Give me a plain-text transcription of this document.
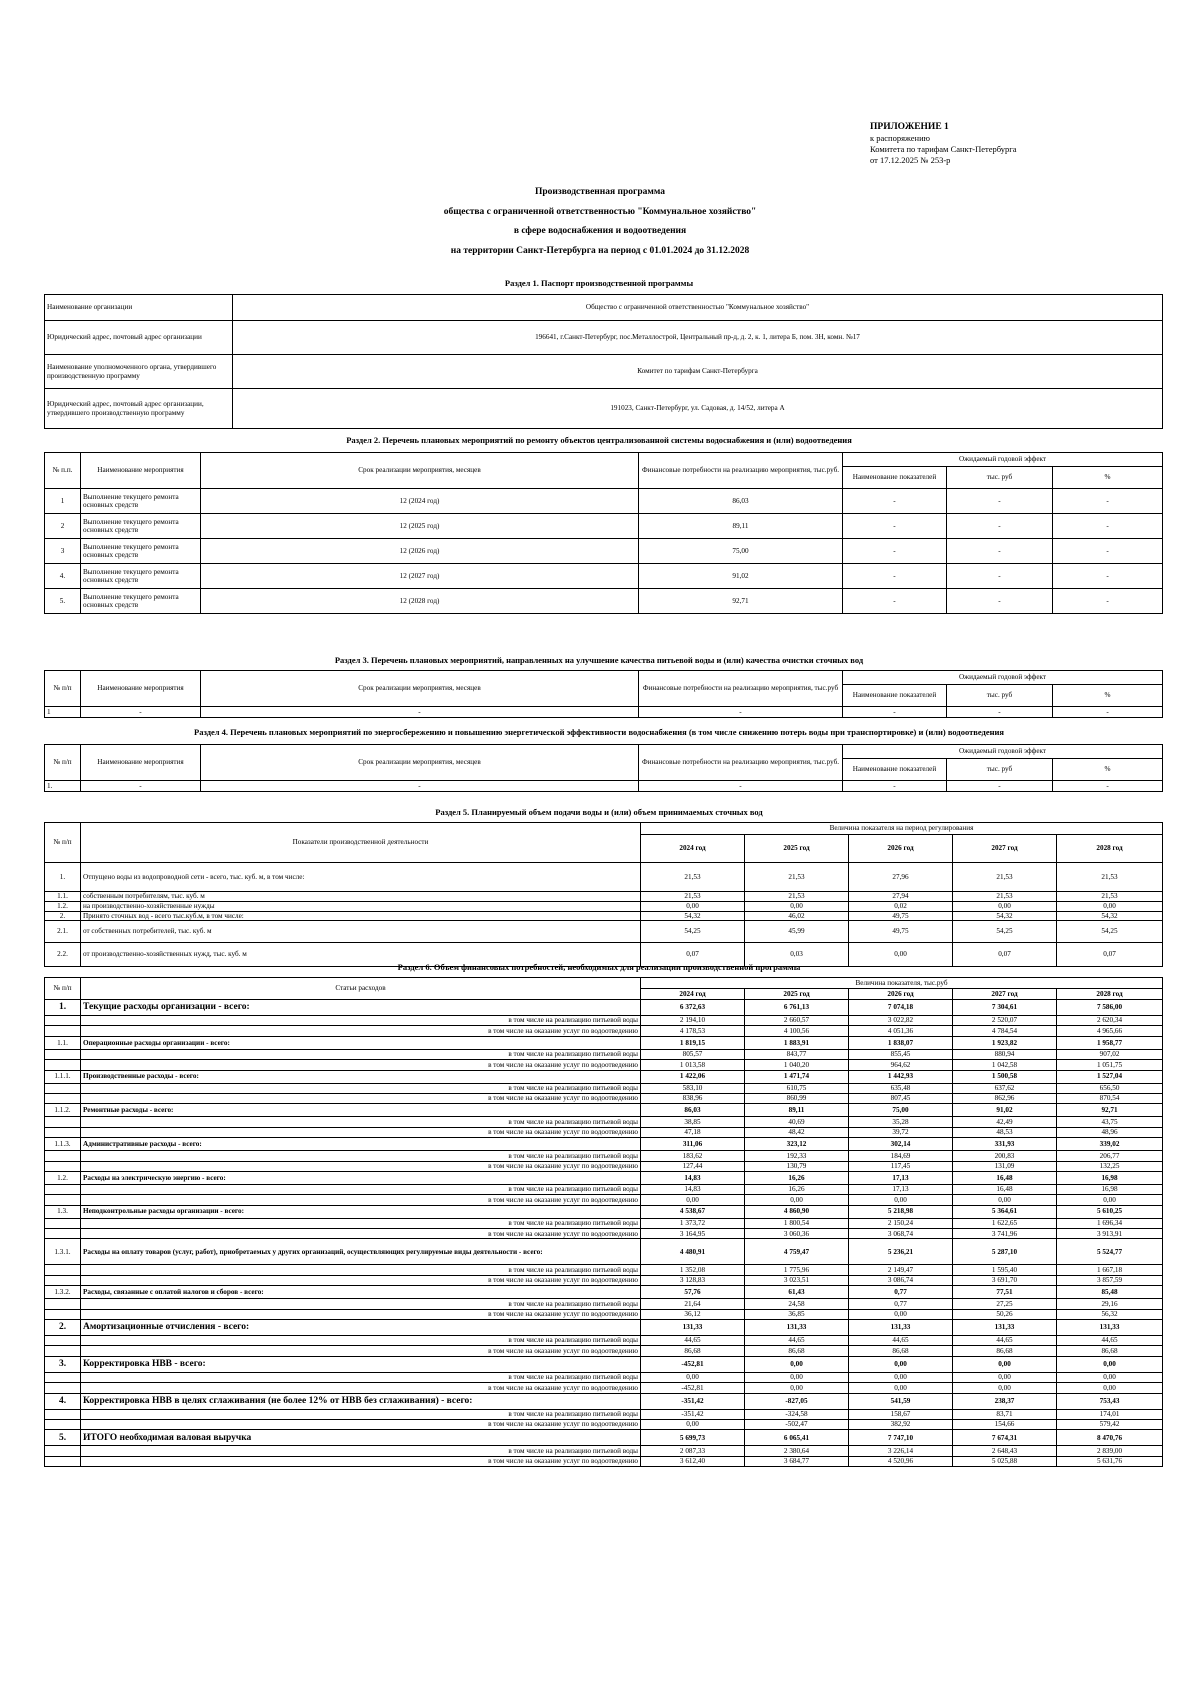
ПРИЛОЖЕНИЕ 1
к распоряжению
Комитета по тарифам Санкт-Петербурга
от 17.12.2025 № 253-р
Производственная программа
общества с ограниченной ответственностью "Коммунальное хозяйство"
в сфере водоснабжения и водоотведения
на территории Санкт-Петербурга на период с 01.01.2024 до 31.12.2028
Раздел 1. Паспорт производственной программы
Наименование организации	Общество с ограниченной ответственностью "Коммунальное хозяйство"
Юридический адрес, почтовый адрес организации	196641, г.Санкт-Петербург, пос.Металлострой, Центральный пр-д, д. 2, к. 1, литера Б, пом. 3Н, комн. №17
Наименование уполномоченного органа, утвердившего производственную программу	Комитет по тарифам Санкт-Петербурга
Юридический адрес, почтовый адрес организации, утвердившего производственную программу	191023, Санкт-Петербург, ул. Садовая, д. 14/52, литера А
Раздел 2. Перечень плановых мероприятий по ремонту объектов централизованной системы водоснабжения и (или) водоотведения
№ п.п.	Наименование мероприятия	Срок реализации мероприятия, месяцев	Финансовые потребности на реализацию мероприятия, тыс.руб.	Ожидаемый годовой эффект		
				Наименование показателей	тыс. руб	%
1	Выполнение текущего ремонта основных средств	12 (2024 год)	86,03	-	-	-
2	Выполнение текущего ремонта основных средств	12 (2025 год)	89,11	-	-	-
3	Выполнение текущего ремонта основных средств	12 (2026 год)	75,00	-	-	-
4.	Выполнение текущего ремонта основных средств	12 (2027 год)	91,02	-	-	-
5.	Выполнение текущего ремонта основных средств	12 (2028 год)	92,71	-	-	-
Раздел 3. Перечень плановых мероприятий, направленных на улучшение качества питьевой воды и (или) качества очистки сточных вод
№ п/п	Наименование мероприятия	Срок реализации мероприятия, месяцев	Финансовые потребности на реализацию мероприятия, тыс.руб	Ожидаемый годовой эффект		
				Наименование показателей	тыс. руб	%
1	-	-	-	-	-	-
Раздел 4. Перечень плановых мероприятий по энергосбережению и повышению энергетической эффективности водоснабжения (в том числе снижению потерь воды при транспортировке) и (или) водоотведения
№ п/п	Наименование мероприятия	Срок реализации мероприятия, месяцев	Финансовые потребности на реализацию мероприятия, тыс.руб.	Ожидаемый годовой эффект		
				Наименование показателей	тыс. руб	%
1.	-	-	-	-	-	-
Раздел 5. Планируемый объем подачи воды и (или) объем принимаемых сточных вод
№ п/п	Показатели производственной деятельности	Величина показателя на период регулирования				
		2024 год	2025 год	2026 год	2027 год	2028 год
1.	Отпущено воды из водопроводной сети - всего, тыс. куб. м, в том числе:	21,53	21,53	27,96	21,53	21,53
1.1.	собственным потребителям, тыс. куб. м	21,53	21,53	27,94	21,53	21,53
1.2.	на производственно-хозяйственные нужды	0,00	0,00	0,02	0,00	0,00
2.	Принято сточных вод - всего тыс.куб.м, в том числе:	54,32	46,02	49,75	54,32	54,32
2.1.	от собственных потребителей, тыс. куб. м	54,25	45,99	49,75	54,25	54,25
2.2.	от производственно-хозяйственных нужд, тыс. куб. м	0,07	0,03	0,00	0,07	0,07
Раздел 6. Объем финансовых потребностей, необходимых для реализации производственной программы
№ п/п	Статьи расходов	Величина показателя, тыс.руб				
		2024 год	2025 год	2026 год	2027 год	2028 год
1.	Текущие расходы организации - всего:	6 372,63	6 761,13	7 074,18	7 304,61	7 586,00
	в том числе на реализацию питьевой воды	2 194,10	2 660,57	3 022,82	2 520,07	2 620,34
	в том числе на оказание услуг по водоотведению	4 178,53	4 100,56	4 051,36	4 784,54	4 965,66
1.1.	Операционные расходы организации - всего:	1 819,15	1 883,91	1 838,07	1 923,82	1 958,77
	в том числе на реализацию питьевой воды	805,57	843,77	855,45	880,94	907,02
	в том числе на оказание услуг по водоотведению	1 013,58	1 040,20	964,62	1 042,58	1 051,75
1.1.1.	Производственные расходы - всего:	1 422,06	1 471,74	1 442,93	1 500,58	1 527,04
	в том числе на реализацию питьевой воды	583,10	610,75	635,48	637,62	656,50
	в том числе на оказание услуг по водоотведению	838,96	860,99	807,45	862,96	870,54
1.1.2.	Ремонтные расходы - всего:	86,03	89,11	75,00	91,02	92,71
	в том числе на реализацию питьевой воды	38,85	40,69	35,28	42,49	43,75
	в том числе на оказание услуг по водоотведению	47,18	48,42	39,72	48,53	48,96
1.1.3.	Административные расходы - всего:	311,06	323,12	302,14	331,93	339,02
	в том числе на реализацию питьевой воды	183,62	192,33	184,69	200,83	206,77
	в том числе на оказание услуг по водоотведению	127,44	130,79	117,45	131,09	132,25
1.2.	Расходы на электрическую энергию - всего:	14,83	16,26	17,13	16,48	16,98
	в том числе на реализацию питьевой воды	14,83	16,26	17,13	16,48	16,98
	в том числе на оказание услуг по водоотведению	0,00	0,00	0,00	0,00	0,00
1.3.	Неподконтрольные расходы организации - всего:	4 538,67	4 860,90	5 218,98	5 364,61	5 610,25
	в том числе на реализацию питьевой воды	1 373,72	1 800,54	2 150,24	1 622,65	1 696,34
	в том числе на оказание услуг по водоотведению	3 164,95	3 060,36	3 068,74	3 741,96	3 913,91
1.3.1.	Расходы на оплату товаров (услуг, работ), приобретаемых у других организаций, осуществляющих регулируемые виды деятельности - всего:	4 480,91	4 759,47	5 236,21	5 287,10	5 524,77
	в том числе на реализацию питьевой воды	1 352,08	1 775,96	2 149,47	1 595,40	1 667,18
	в том числе на оказание услуг по водоотведению	3 128,83	3 023,51	3 086,74	3 691,70	3 857,59
1.3.2.	Расходы, связанные с оплатой налогов и сборов - всего:	57,76	61,43	0,77	77,51	85,48
	в том числе на реализацию питьевой воды	21,64	24,58	0,77	27,25	29,16
	в том числе на оказание услуг по водоотведению	36,12	36,85	0,00	50,26	56,32
2.	Амортизационные отчисления - всего:	131,33	131,33	131,33	131,33	131,33
	в том числе на реализацию питьевой воды	44,65	44,65	44,65	44,65	44,65
	в том числе на оказание услуг по водоотведению	86,68	86,68	86,68	86,68	86,68
3.	Корректировка НВВ - всего:	-452,81	0,00	0,00	0,00	0,00
	в том числе на реализацию питьевой воды	0,00	0,00	0,00	0,00	0,00
	в том числе на оказание услуг по водоотведению	-452,81	0,00	0,00	0,00	0,00
4.	Корректировка НВВ в целях сглаживания (не более 12% от НВВ без сглаживания) - всего:	-351,42	-827,05	541,59	238,37	753,43
	в том числе на реализацию питьевой воды	-351,42	-324,58	158,67	83,71	174,01
	в том числе на оказание услуг по водоотведению	0,00	-502,47	382,92	154,66	579,42
5.	ИТОГО необходимая валовая выручка	5 699,73	6 065,41	7 747,10	7 674,31	8 470,76
	в том числе на реализацию питьевой воды	2 087,33	2 380,64	3 226,14	2 648,43	2 839,00
	в том числе на оказание услуг по водоотведению	3 612,40	3 684,77	4 520,96	5 025,88	5 631,76
